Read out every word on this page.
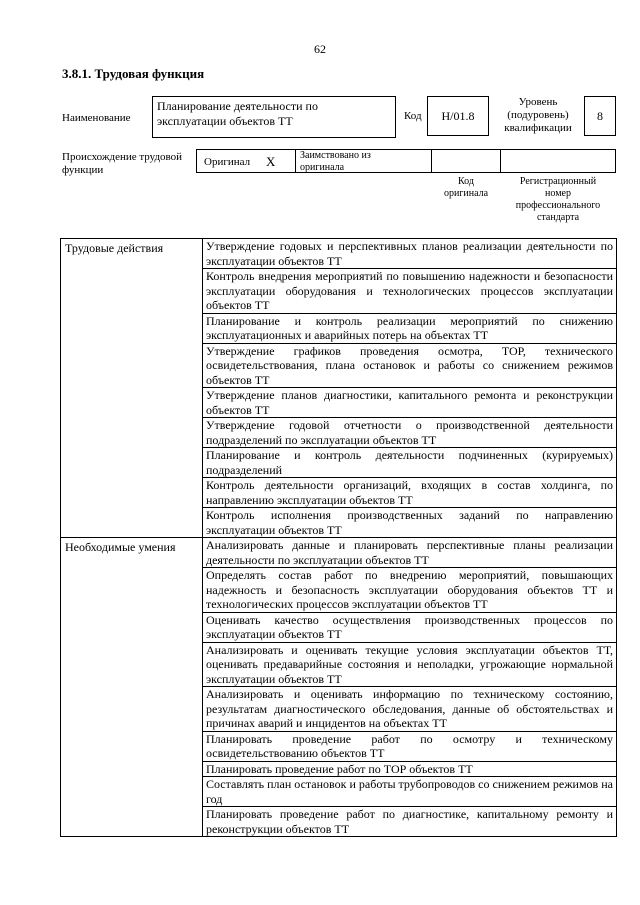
62
3.8.1. Трудовая функция
Наименование
Планирование деятельности по
эксплуатации объектов ТТ	Код	Н/01.8
Уровень
(подуровень)
квалификации
8
Происхождение трудовой
функции
Оригинал Х Заимствовано из
оригинала
Код
оригинала
Регистрационный
номер
профессионального
стандарта
Трудовые действия	Утверждение годовых и перспективных планов реализации деятельности по эксплуатации объектов ТТ
	Контроль внедрения мероприятий по повышению надежности и безопасности эксплуатации оборудования и технологических процессов эксплуатации объектов ТТ
	Планирование и контроль реализации мероприятий по снижению эксплуатационных и аварийных потерь на объектах ТТ
	Утверждение графиков проведения осмотра, ТОР, технического освидетельствования, плана остановок и работы со снижением режимов объектов ТТ
	Утверждение планов диагностики, капитального ремонта и реконструкции объектов ТТ
	Утверждение годовой отчетности о производственной деятельности подразделений по эксплуатации объектов ТТ
	Планирование и контроль деятельности подчиненных (курируемых) подразделений
	Контроль деятельности организаций, входящих в состав холдинга, по направлению эксплуатации объектов ТТ
	Контроль исполнения производственных заданий по направлению эксплуатации объектов ТТ
Необходимые умения	Анализировать данные и планировать перспективные планы реализации деятельности по эксплуатации объектов ТТ
	Определять состав работ по внедрению мероприятий, повышающих надежность и безопасность эксплуатации оборудования объектов ТТ и технологических процессов эксплуатации объектов ТТ
	Оценивать качество осуществления производственных процессов по эксплуатации объектов ТТ
	Анализировать и оценивать текущие условия эксплуатации объектов ТТ, оценивать предаварийные состояния и неполадки, угрожающие нормальной эксплуатации объектов ТТ
	Анализировать и оценивать информацию по техническому состоянию, результатам диагностического обследования, данные об обстоятельствах и причинах аварий и инцидентов на объектах ТТ
	Планировать проведение работ по осмотру и техническому освидетельствованию объектов ТТ
	Планировать проведение работ по ТОР объектов ТТ
	Составлять план остановок и работы трубопроводов со снижением режимов на год
	Планировать проведение работ по диагностике, капитальному ремонту и реконструкции объектов ТТ
